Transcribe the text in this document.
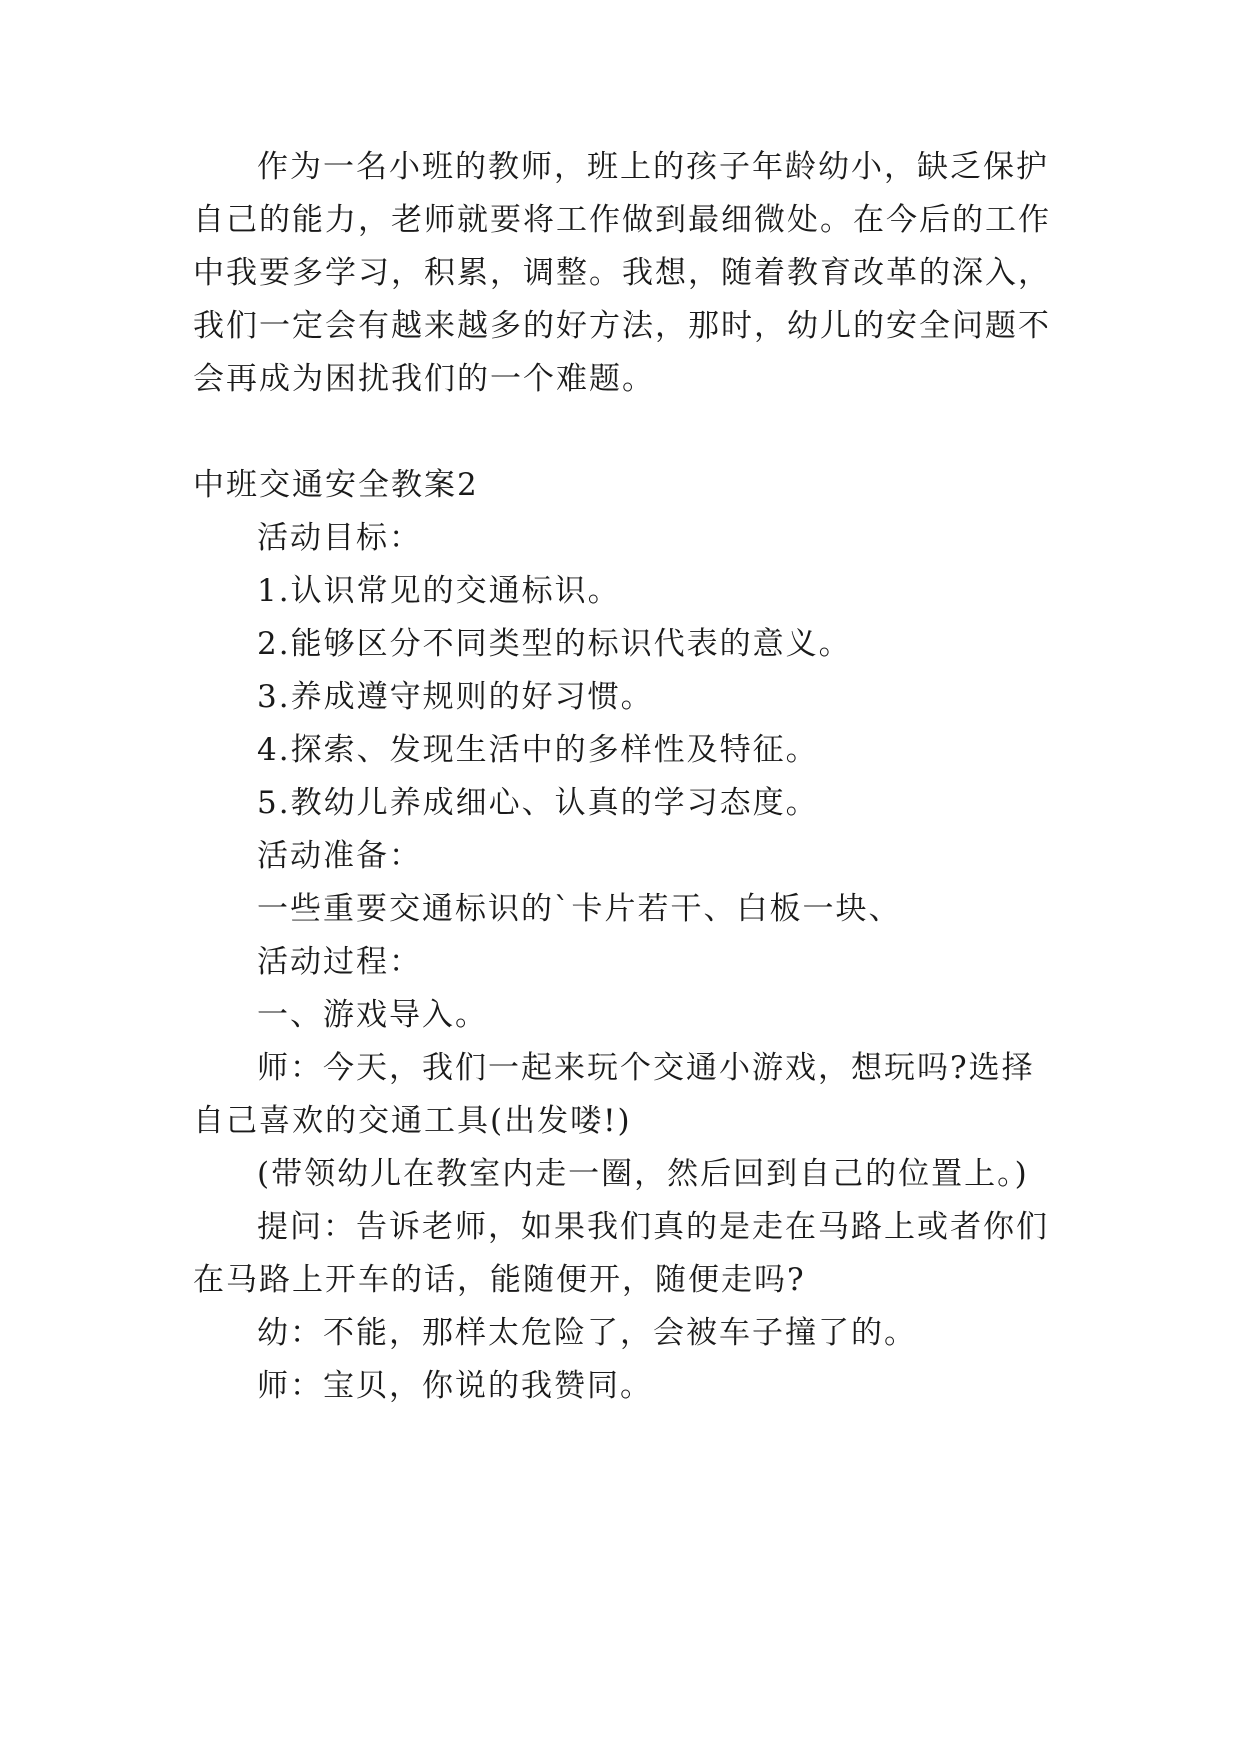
作为一名小班的教师，班上的孩子年龄幼小，缺乏保护
自己的能力，老师就要将工作做到最细微处。在今后的工作
中我要多学习，积累，调整。我想，随着教育改革的深入，
我们一定会有越来越多的好方法，那时，幼儿的安全问题不
会再成为困扰我们的一个难题。
中班交通安全教案2
活动目标：
1.认识常见的交通标识。
2.能够区分不同类型的标识代表的意义。
3.养成遵守规则的好习惯。
4.探索、发现生活中的多样性及特征。
5.教幼儿养成细心、认真的学习态度。
活动准备：
一些重要交通标识的`卡片若干、白板一块、
活动过程：
一、游戏导入。
师：今天，我们一起来玩个交通小游戏，想玩吗?选择
自己喜欢的交通工具(出发喽!)
(带领幼儿在教室内走一圈，然后回到自己的位置上。)
提问：告诉老师，如果我们真的是走在马路上或者你们
在马路上开车的话，能随便开，随便走吗?
幼：不能，那样太危险了，会被车子撞了的。
师：宝贝，你说的我赞同。
